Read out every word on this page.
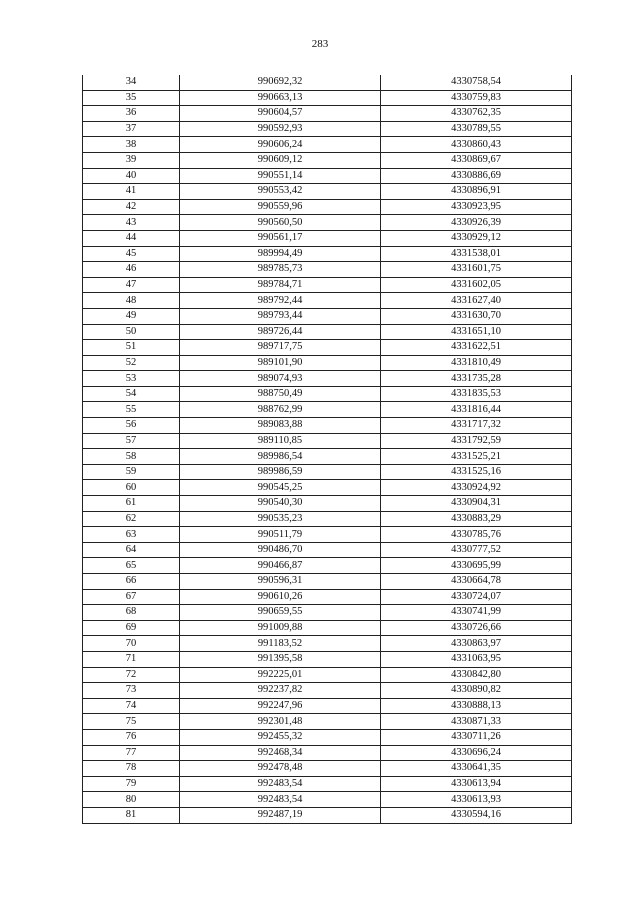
283
34	990692,32	4330758,54
35	990663,13	4330759,83
36	990604,57	4330762,35
37	990592,93	4330789,55
38	990606,24	4330860,43
39	990609,12	4330869,67
40	990551,14	4330886,69
41	990553,42	4330896,91
42	990559,96	4330923,95
43	990560,50	4330926,39
44	990561,17	4330929,12
45	989994,49	4331538,01
46	989785,73	4331601,75
47	989784,71	4331602,05
48	989792,44	4331627,40
49	989793,44	4331630,70
50	989726,44	4331651,10
51	989717,75	4331622,51
52	989101,90	4331810,49
53	989074,93	4331735,28
54	988750,49	4331835,53
55	988762,99	4331816,44
56	989083,88	4331717,32
57	989110,85	4331792,59
58	989986,54	4331525,21
59	989986,59	4331525,16
60	990545,25	4330924,92
61	990540,30	4330904,31
62	990535,23	4330883,29
63	990511,79	4330785,76
64	990486,70	4330777,52
65	990466,87	4330695,99
66	990596,31	4330664,78
67	990610,26	4330724,07
68	990659,55	4330741,99
69	991009,88	4330726,66
70	991183,52	4330863,97
71	991395,58	4331063,95
72	992225,01	4330842,80
73	992237,82	4330890,82
74	992247,96	4330888,13
75	992301,48	4330871,33
76	992455,32	4330711,26
77	992468,34	4330696,24
78	992478,48	4330641,35
79	992483,54	4330613,94
80	992483,54	4330613,93
81	992487,19	4330594,16
